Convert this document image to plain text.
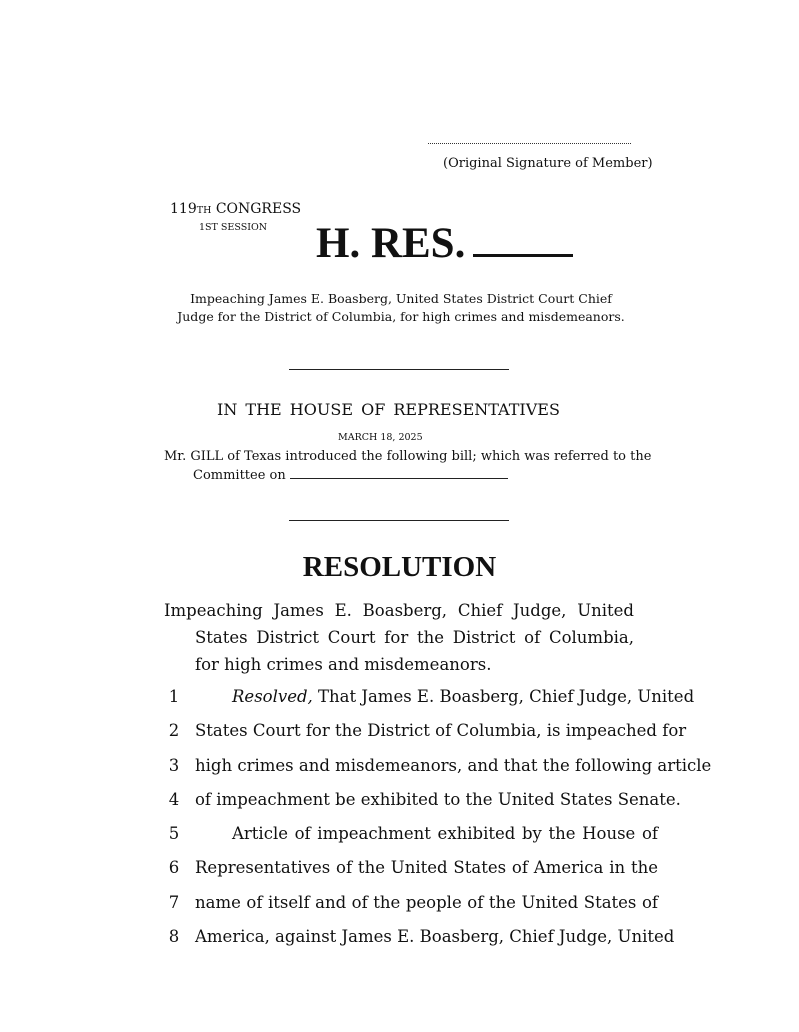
(Original Signature of Member)
119TH CONGRESS
1ST SESSION H. RES.
Impeaching James E. Boasberg, United States District Court Chief Judge for the District of Columbia, for high crimes and misdemeanors.
IN THE HOUSE OF REPRESENTATIVES
MARCH 18, 2025
Mr. GILL of Texas introduced the following bill; which was referred to the
Committee on
RESOLUTION
Impeaching James E. Boasberg, Chief Judge, United States District Court for the District of Columbia, for high crimes and misdemeanors.
1	Resolved, That James E. Boasberg, Chief Judge, United
2 States Court for the District of Columbia, is impeached for
3 high crimes and misdemeanors, and that the following article
4 of impeachment be exhibited to the United States Senate.
5	Article of impeachment exhibited by the House of
6 Representatives of the United States of America in the
7 name of itself and of the people of the United States of
8 America, against James E. Boasberg, Chief Judge, United
